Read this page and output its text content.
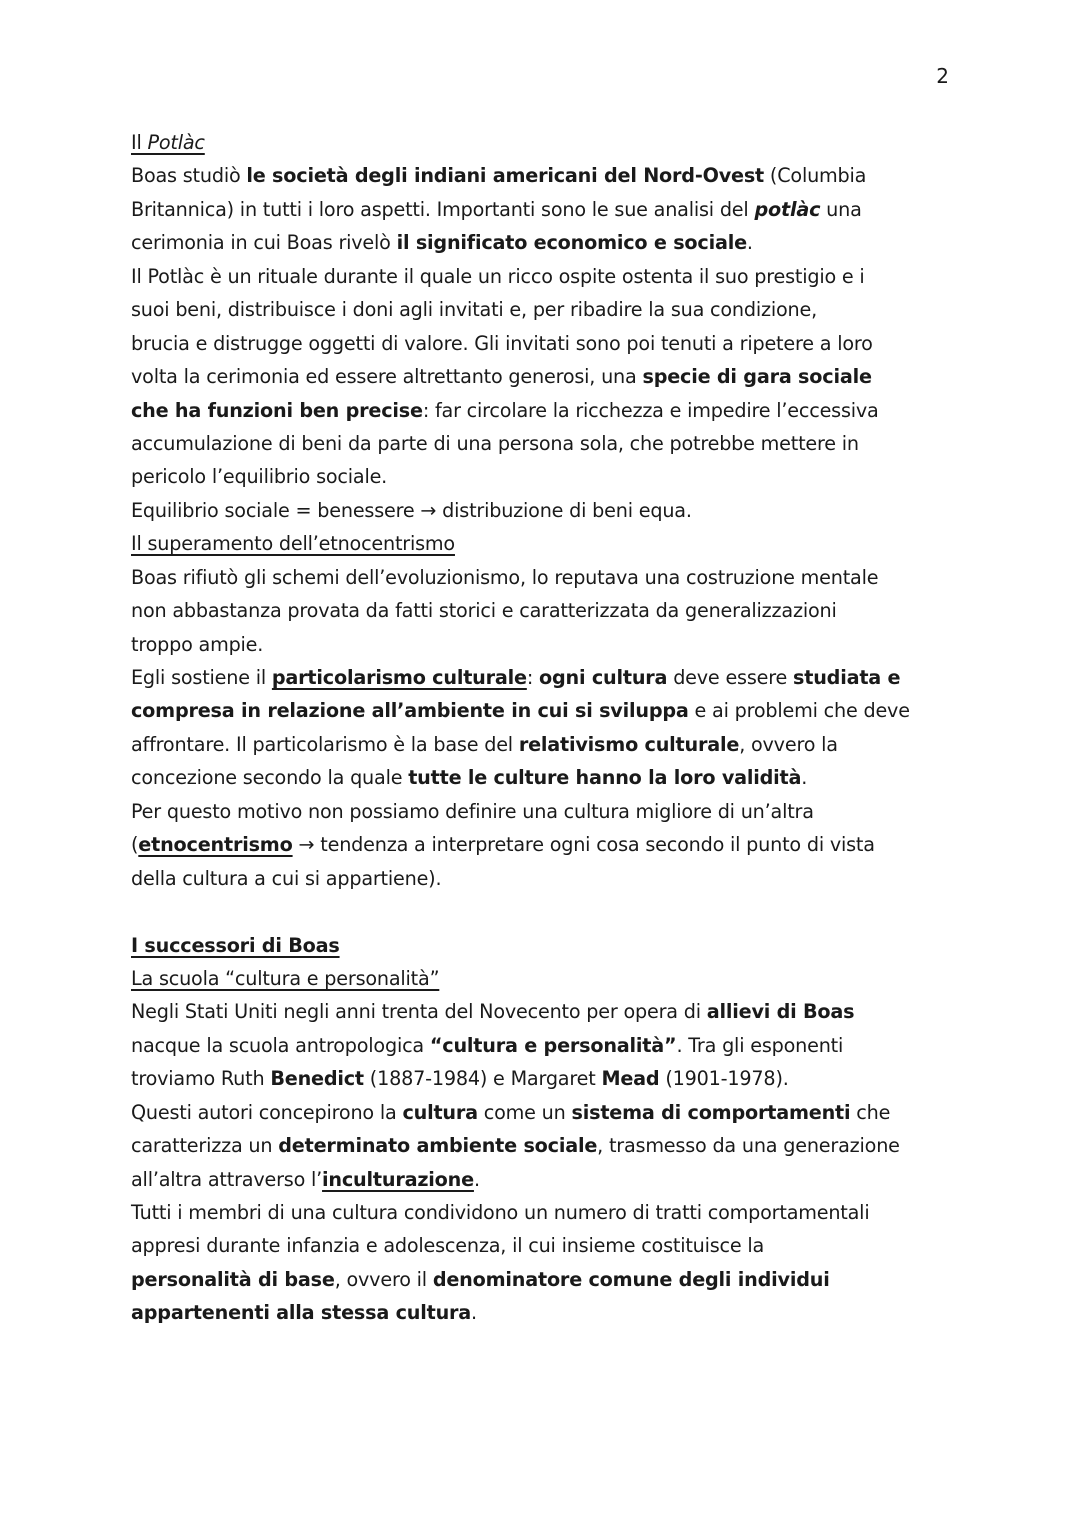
2
Il Potlàc
Boas studiò le società degli indiani americani del Nord-Ovest (Columbia
Britannica) in tutti i loro aspetti. Importanti sono le sue analisi del potlàc una
cerimonia in cui Boas rivelò il significato economico e sociale.
Il Potlàc è un rituale durante il quale un ricco ospite ostenta il suo prestigio e i
suoi beni, distribuisce i doni agli invitati e, per ribadire la sua condizione,
brucia e distrugge oggetti di valore. Gli invitati sono poi tenuti a ripetere a loro
volta la cerimonia ed essere altrettanto generosi, una specie di gara sociale
che ha funzioni ben precise: far circolare la ricchezza e impedire l’eccessiva
accumulazione di beni da parte di una persona sola, che potrebbe mettere in
pericolo l’equilibrio sociale.
Equilibrio sociale = benessere → distribuzione di beni equa.
Il superamento dell’etnocentrismo
Boas rifiutò gli schemi dell’evoluzionismo, lo reputava una costruzione mentale
non abbastanza provata da fatti storici e caratterizzata da generalizzazioni
troppo ampie.
Egli sostiene il particolarismo culturale: ogni cultura deve essere studiata e
compresa in relazione all’ambiente in cui si sviluppa e ai problemi che deve
affrontare. Il particolarismo è la base del relativismo culturale, ovvero la
concezione secondo la quale tutte le culture hanno la loro validità.
Per questo motivo non possiamo definire una cultura migliore di un’altra
(etnocentrismo → tendenza a interpretare ogni cosa secondo il punto di vista
della cultura a cui si appartiene).
I successori di Boas
La scuola “cultura e personalità”
Negli Stati Uniti negli anni trenta del Novecento per opera di allievi di Boas
nacque la scuola antropologica “cultura e personalità”. Tra gli esponenti
troviamo Ruth Benedict (1887-1984) e Margaret Mead (1901-1978).
Questi autori concepirono la cultura come un sistema di comportamenti che
caratterizza un determinato ambiente sociale, trasmesso da una generazione
all’altra attraverso l’inculturazione.
Tutti i membri di una cultura condividono un numero di tratti comportamentali
appresi durante infanzia e adolescenza, il cui insieme costituisce la
personalità di base, ovvero il denominatore comune degli individui
appartenenti alla stessa cultura.
